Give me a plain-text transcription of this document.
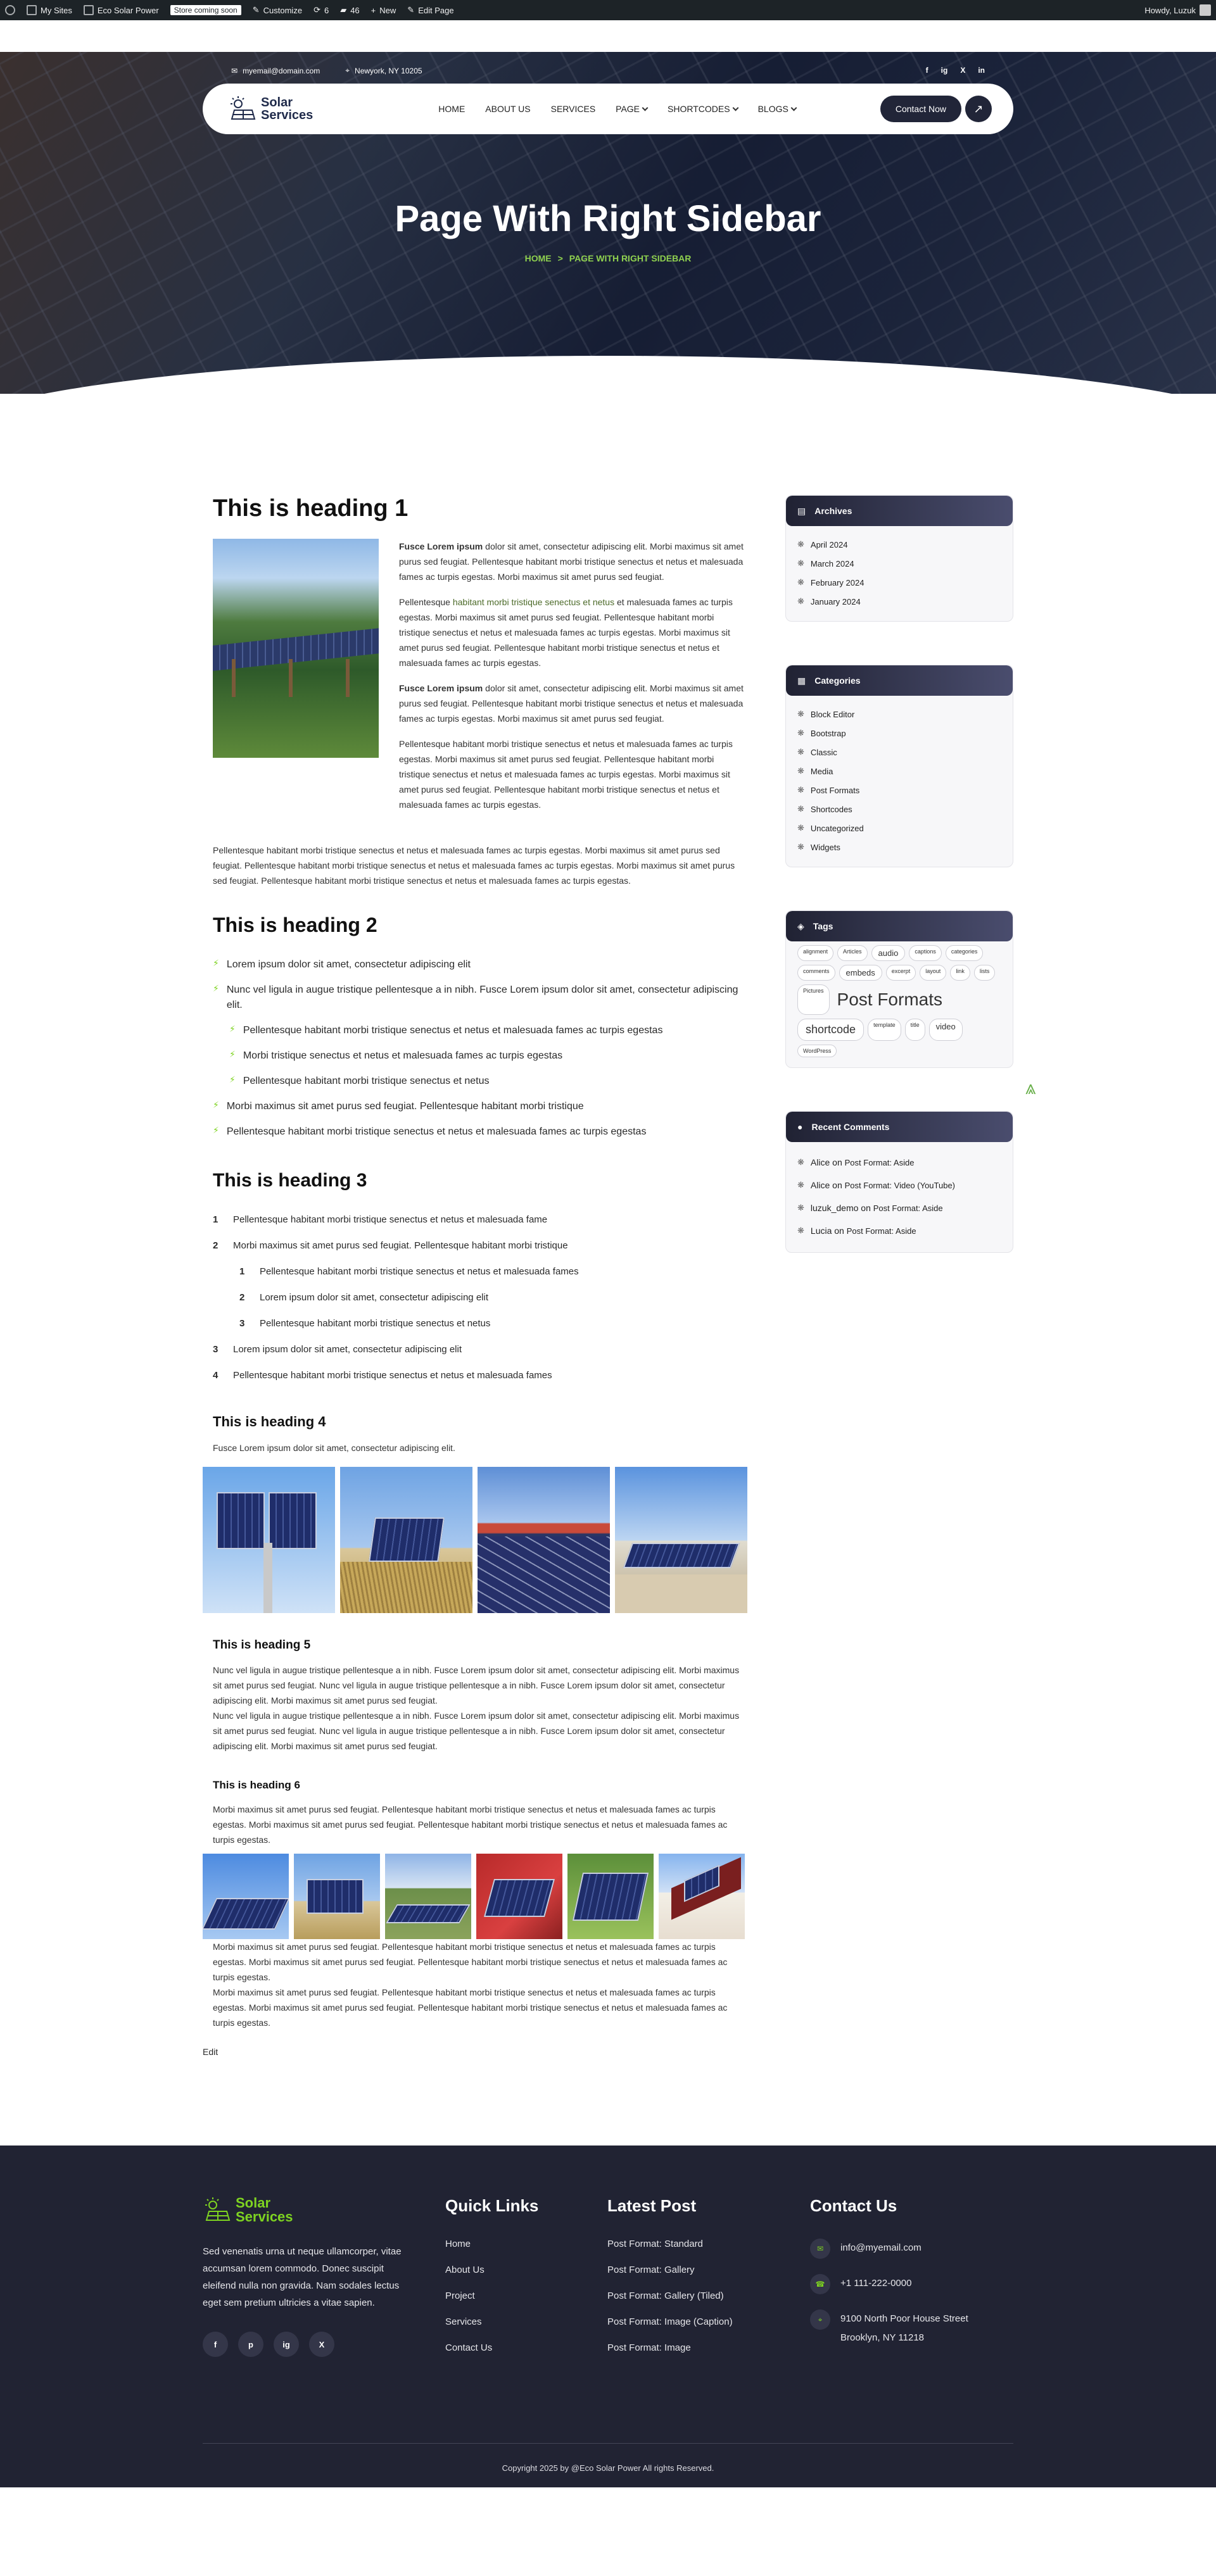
My Sites	Eco Solar Power	Store coming soon	✎ Customize ⟳ 6 ▰ 46 + New ✎ Edit Page	Howdy, Luzuk
✉ myemail@domain.com	⌖ Newyork, NY 10205	f ig X in
Solar
Services	HOME ABOUT US SERVICES PAGE	SHORTCODES	BLOGS	Contact Now	↗
Page With Right Sidebar
HOME > PAGE WITH RIGHT SIDEBAR
This is heading 1

Fusce Lorem ipsum dolor sit amet, consectetur adipiscing elit. Morbi maximus sit amet purus sed feugiat. Pellentesque habitant morbi tristique senectus et netus et malesuada fames ac turpis egestas. Morbi maximus sit amet purus sed feugiat.

Pellentesque habitant morbi tristique senectus et netus et malesuada fames ac turpis egestas. Morbi maximus sit amet purus sed feugiat. Pellentesque habitant morbi tristique senectus et netus et malesuada fames ac turpis egestas. Morbi maximus sit amet purus sed feugiat. Pellentesque habitant morbi tristique senectus et netus et malesuada fames ac turpis egestas.

Fusce Lorem ipsum dolor sit amet, consectetur adipiscing elit. Morbi maximus sit amet purus sed feugiat. Pellentesque habitant morbi tristique senectus et netus et malesuada fames ac turpis egestas. Morbi maximus sit amet purus sed feugiat.

Pellentesque habitant morbi tristique senectus et netus et malesuada fames ac turpis egestas. Morbi maximus sit amet purus sed feugiat. Pellentesque habitant morbi tristique senectus et netus et malesuada fames ac turpis egestas. Morbi maximus sit amet purus sed feugiat. Pellentesque habitant morbi tristique senectus et netus et malesuada fames ac turpis egestas.

Pellentesque habitant morbi tristique senectus et netus et malesuada fames ac turpis egestas. Morbi maximus sit amet purus sed feugiat. Pellentesque habitant morbi tristique senectus et netus et malesuada fames ac turpis egestas. Morbi maximus sit amet purus sed feugiat. Pellentesque habitant morbi tristique senectus et netus et malesuada fames ac turpis egestas.

This is heading 2
⚡ Lorem ipsum dolor sit amet, consectetur adipiscing elit
⚡ Nunc vel ligula in augue tristique pellentesque a in nibh. Fusce Lorem ipsum dolor sit amet, consectetur adipiscing elit.
⚡ Pellentesque habitant morbi tristique senectus et netus et malesuada fames ac turpis egestas
⚡ Morbi tristique senectus et netus et malesuada fames ac turpis egestas
⚡ Pellentesque habitant morbi tristique senectus et netus
⚡ Morbi maximus sit amet purus sed feugiat. Pellentesque habitant morbi tristique
⚡ Pellentesque habitant morbi tristique senectus et netus et malesuada fames ac turpis egestas
This is heading 3
1 Pellentesque habitant morbi tristique senectus et netus et malesuada fame
2 Morbi maximus sit amet purus sed feugiat. Pellentesque habitant morbi tristique
1 Pellentesque habitant morbi tristique senectus et netus et malesuada fames
2 Lorem ipsum dolor sit amet, consectetur adipiscing elit
3 Pellentesque habitant morbi tristique senectus et netus
3 Lorem ipsum dolor sit amet, consectetur adipiscing elit
4 Pellentesque habitant morbi tristique senectus et netus et malesuada fames
This is heading 4

Fusce Lorem ipsum dolor sit amet, consectetur adipiscing elit.

This is heading 5

Nunc vel ligula in augue tristique pellentesque a in nibh. Fusce Lorem ipsum dolor sit amet, consectetur adipiscing elit. Morbi maximus sit amet purus sed feugiat. Nunc vel ligula in augue tristique pellentesque a in nibh. Fusce Lorem ipsum dolor sit amet, consectetur adipiscing elit. Morbi maximus sit amet purus sed feugiat.

Nunc vel ligula in augue tristique pellentesque a in nibh. Fusce Lorem ipsum dolor sit amet, consectetur adipiscing elit. Morbi maximus sit amet purus sed feugiat. Nunc vel ligula in augue tristique pellentesque a in nibh. Fusce Lorem ipsum dolor sit amet, consectetur adipiscing elit. Morbi maximus sit amet purus sed feugiat.

This is heading 6

Morbi maximus sit amet purus sed feugiat. Pellentesque habitant morbi tristique senectus et netus et malesuada fames ac turpis egestas. Morbi maximus sit amet purus sed feugiat. Pellentesque habitant morbi tristique senectus et netus et malesuada fames ac turpis egestas.

Morbi maximus sit amet purus sed feugiat. Pellentesque habitant morbi tristique senectus et netus et malesuada fames ac turpis egestas. Morbi maximus sit amet purus sed feugiat. Pellentesque habitant morbi tristique senectus et netus et malesuada fames ac turpis egestas.

Morbi maximus sit amet purus sed feugiat. Pellentesque habitant morbi tristique senectus et netus et malesuada fames ac turpis egestas. Morbi maximus sit amet purus sed feugiat. Pellentesque habitant morbi tristique senectus et netus et malesuada fames ac turpis egestas.

Edit

▤ Archives
❋ April 2024
❋ March 2024
❋ February 2024
❋ January 2024
▦ Categories
❋ Block Editor
❋ Bootstrap
❋ Classic
❋ Media
❋ Post Formats
❋ Shortcodes
❋ Uncategorized
❋ Widgets
◈ Tags
alignment	Articles	audio	captions	categories
comments	embeds	excerpt	layout	link	lists
Pictures Post Formats
shortcode	template	title	video
WordPress
● Recent Comments
❋ Alice on Post Format: Aside
❋ Alice on Post Format: Video (YouTube)
❋ luzuk_demo on Post Format: Aside
❋ Lucia on Post Format: Aside
⩓
Solar
Services

Sed venenatis urna ut neque ullamcorper, vitae accumsan lorem commodo. Donec suscipit eleifend nulla non gravida. Nam sodales lectus eget sem pretium ultricies a vitae sapien.

f	p	ig	X
Quick Links
Home
About Us
Project
Services
Contact Us
Latest Post
Post Format: Standard
Post Format: Gallery
Post Format: Gallery (Tiled)
Post Format: Image (Caption)
Post Format: Image
Contact Us
✉	info@myemail.com
☎	+1 111-222-0000
⌖	9100 North Poor House Street
Brooklyn, NY 11218
Copyright 2025 by @Eco Solar Power All rights Reserved.
